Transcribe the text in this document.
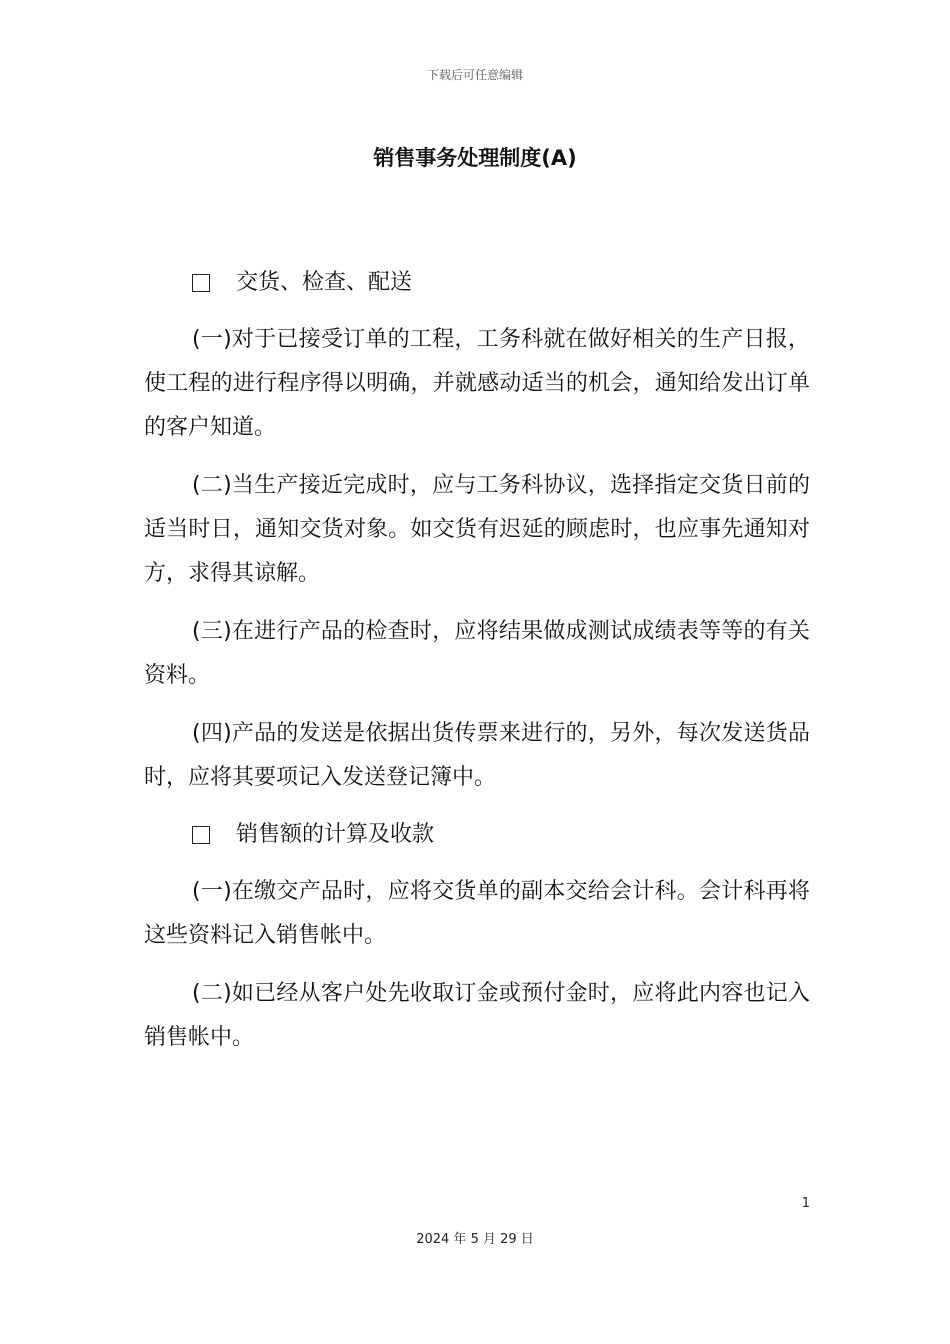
下载后可任意编辑
销售事务处理制度(A)
交货、检查、配送

(一)对于已接受订单的工程，工务科就在做好相关的生产日报，使工程的进行程序得以明确，并就感动适当的机会，通知给发出订单的客户知道。

(二)当生产接近完成时，应与工务科协议，选择指定交货日前的适当时日，通知交货对象。如交货有迟延的顾虑时，也应事先通知对方，求得其谅解。

(三)在进行产品的检查时，应将结果做成测试成绩表等等的有关资料。

(四)产品的发送是依据出货传票来进行的，另外，每次发送货品时，应将其要项记入发送登记簿中。

销售额的计算及收款

(一)在缴交产品时，应将交货单的副本交给会计科。会计科再将这些资料记入销售帐中。

(二)如已经从客户处先收取订金或预付金时，应将此内容也记入销售帐中。

1
2024 年 5 月 29 日
